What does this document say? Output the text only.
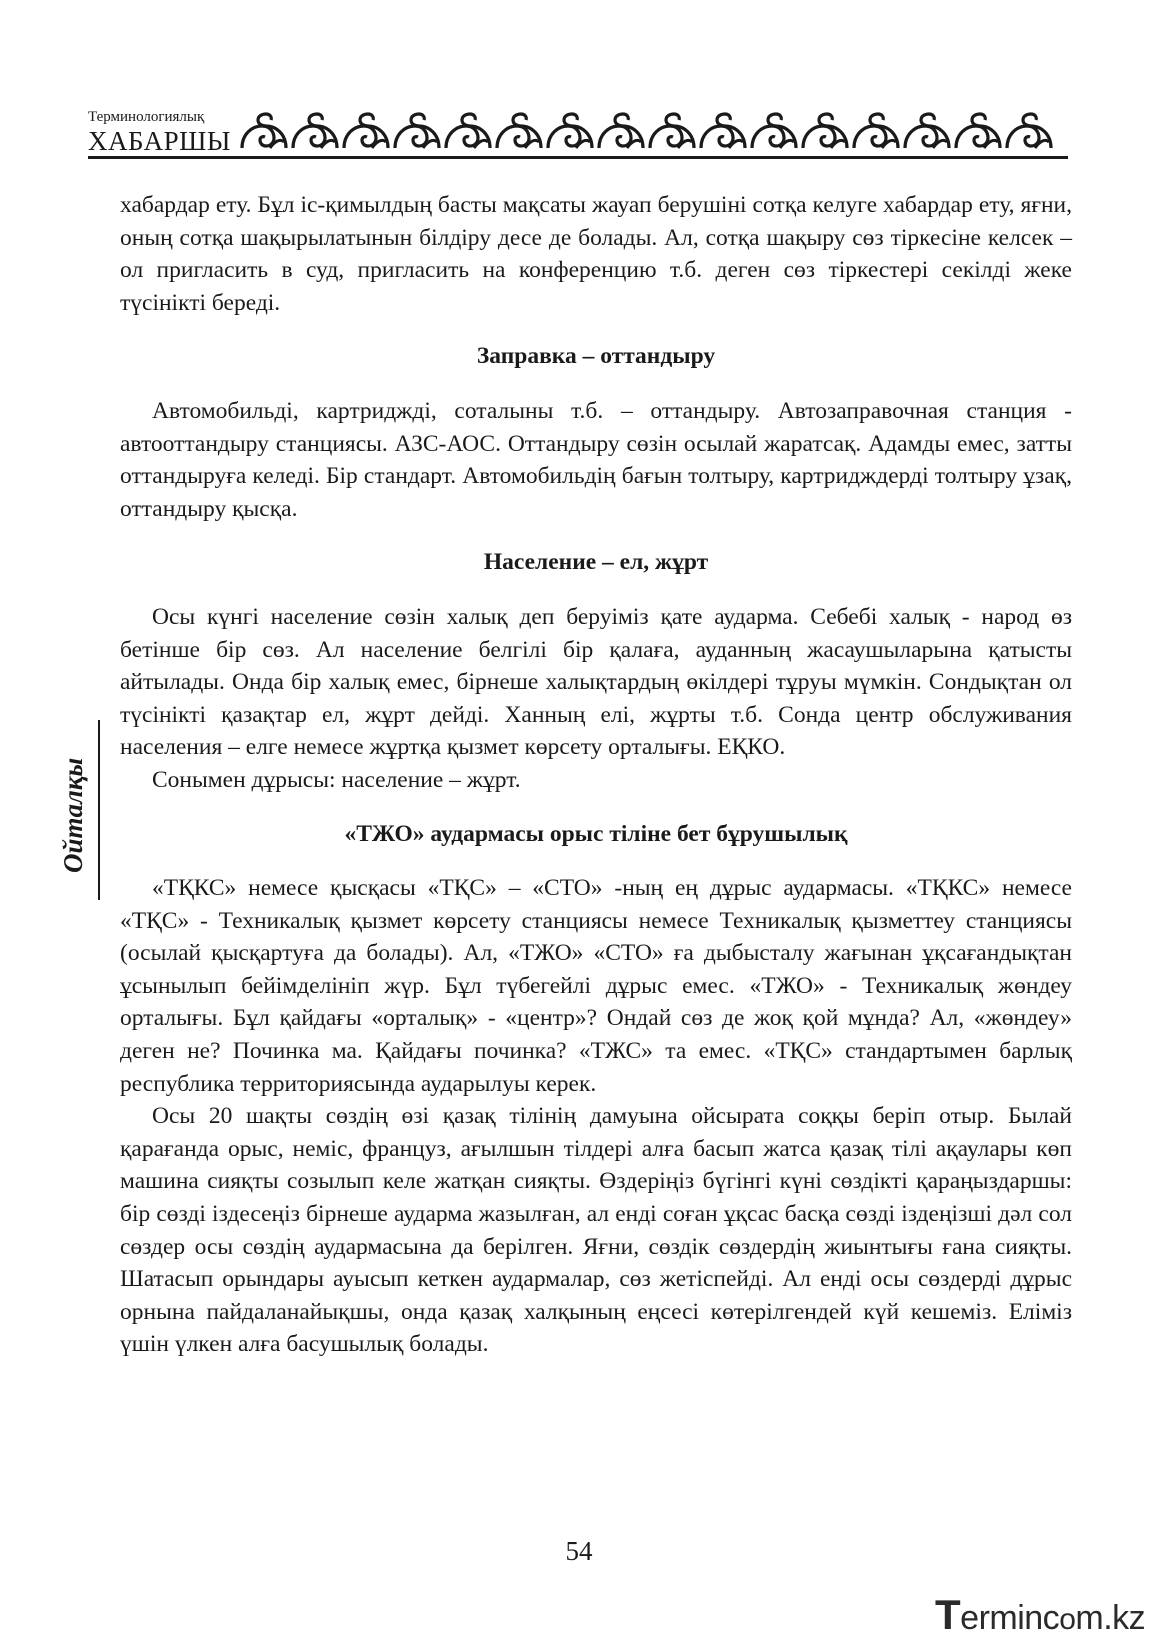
Терминологиялық
ХАБАРШЫ
Ойталқы

хабардар ету. Бұл іс-қимылдың басты мақсаты жауап берушіні сотқа келуге хабардар ету, яғни, оның сотқа шақырылатынын білдіру десе де болады. Ал, сотқа шақыру сөз тіркесіне келсек – ол пригласить в суд, пригласить на конференцию т.б. деген сөз тіркестері секілді жеке түсінікті береді.

Заправка – оттандыру

Автомобильді, картриджді, соталыны т.б. – оттандыру. Автозаправочная станция - автооттандыру станциясы. АЗС-АОС. Оттандыру сөзін осылай жаратсақ. Адамды емес, затты оттандыруға келеді. Бір стандарт. Автомобильдің бағын толтыру, картридждерді толтыру ұзақ, оттандыру қысқа.

Население – ел, жұрт

Осы күнгі население сөзін халық деп беруіміз қате аударма. Себебі халық - народ өз бетінше бір сөз. Ал население белгілі бір қалаға, ауданның жасаушыларына қатысты айтылады. Онда бір халық емес, бірнеше халықтардың өкілдері тұруы мүмкін. Сондықтан ол түсінікті қазақтар ел, жұрт дейді. Ханның елі, жұрты т.б. Сонда центр обслуживания населения – елге немесе жұртқа қызмет көрсету орталығы. ЕҚКО.

Сонымен дұрысы: население – жұрт.

«ТЖО» аудармасы орыс тіліне бет бұрушылық

«ТҚКС» немесе қысқасы «ТҚС» – «СТО» -ның ең дұрыс аудармасы. «ТҚКС» немесе «ТҚС» - Техникалық қызмет көрсету станциясы немесе Техникалық қызметтеу станциясы (осылай қысқартуға да болады). Ал, «ТЖО» «СТО» ға дыбысталу жағынан ұқсағандықтан ұсынылып бейімделініп жүр. Бұл түбегейлі дұрыс емес. «ТЖО» - Техникалық жөндеу орталығы. Бұл қайдағы «орталық» - «центр»? Ондай сөз де жоқ қой мұнда? Ал, «жөндеу» деген не? Починка ма. Қайдағы починка? «ТЖС» та емес. «ТҚС» стандартымен барлық республика территориясында аударылуы керек.

Осы 20 шақты сөздің өзі қазақ тілінің дамуына ойсырата соққы беріп отыр. Былай қарағанда орыс, неміс, француз, ағылшын тілдері алға басып жатса қазақ тілі ақаулары көп машина сияқты созылып келе жатқан сияқты. Өздеріңіз бүгінгі күні сөздікті қараңыздаршы: бір сөзді іздесеңіз бірнеше аударма жазылған, ал енді соған ұқсас басқа сөзді іздеңізші дәл сол сөздер осы сөздің аудармасына да берілген. Яғни, сөздік сөздердің жиынтығы ғана сияқты. Шатасып орындары ауысып кеткен аудармалар, сөз жетіспейді. Ал енді осы сөздерді дұрыс орнына пайдаланайықшы, онда қазақ халқының еңсесі көтерілгендей күй кешеміз. Еліміз үшін үлкен алға басушылық болады.

54
Termincom.kz
